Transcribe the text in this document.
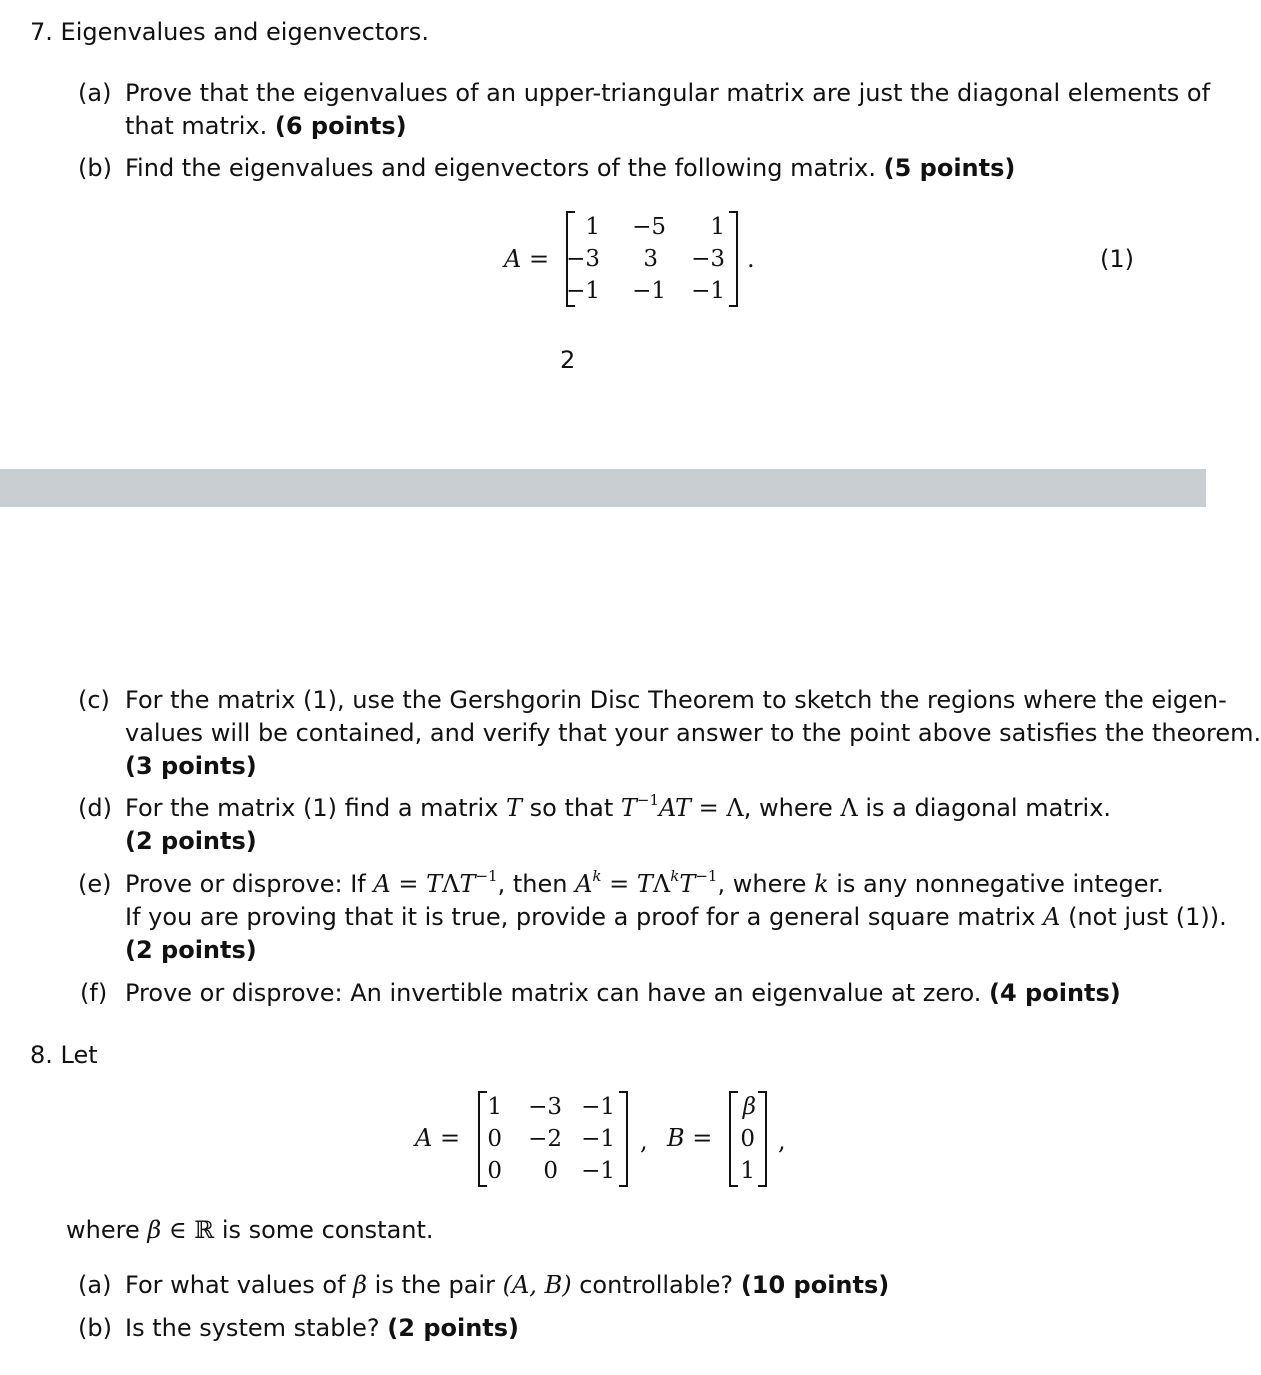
7. Eigenvalues and eigenvectors.
(a) Prove that the eigenvalues of an upper-triangular matrix are just the diagonal elements of
that matrix. (6 points)
(b) Find the eigenvalues and eigenvectors of the following matrix. (5 points)
A =
1 −5 1
−3 3 −3
−1 −1 −1
.	(1)
2
(c) For the matrix (1), use the Gershgorin Disc Theorem to sketch the regions where the eigen-
values will be contained, and verify that your answer to the point above satisfies the theorem.
(3 points)
(d) For the matrix (1) find a matrix T so that $T^{-1}AT = \Lambda$, where Λ is a diagonal matrix.
(2 points)
(e) Prove or disprove: If $A = T\Lambda T^{-1}$, then $A^k = T\Lambda^kT^{-1}$, where k is any nonnegative integer.
If you are proving that it is true, provide a proof for a general square matrix A (not just (1)).
(2 points)
(f) Prove or disprove: An invertible matrix can have an eigenvalue at zero. (4 points)
8. Let
A =
1 −3 −1
0 −2 −1
0 0 −1
, B =
β
0
1
,
where β ∈ ℝ is some constant.
(a) For what values of β is the pair (A, B) controllable? (10 points)
(b) Is the system stable? (2 points)
